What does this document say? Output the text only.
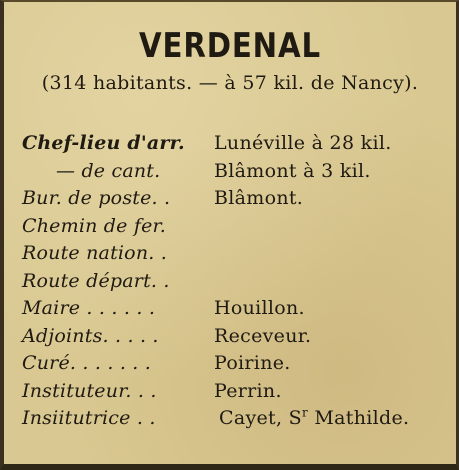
VERDENAL
(314 habitants. — à 57 kil. de Nancy).
Chef-lieu d'arr. Lunéville à 28 kil.
— de cant.	Blâmont à 3 kil.
Bur. de poste. . Blâmont.
Chemin de fer.
Route nation. .
Route départ. .
Maire . . . . . .	Houillon.
Adjoints. . . . .	Receveur.
Curé. . . . . . .	Poirine.
Instituteur. . .	Perrin.
Insiitutrice . .	Cayet, $S^r$ Mathilde.
